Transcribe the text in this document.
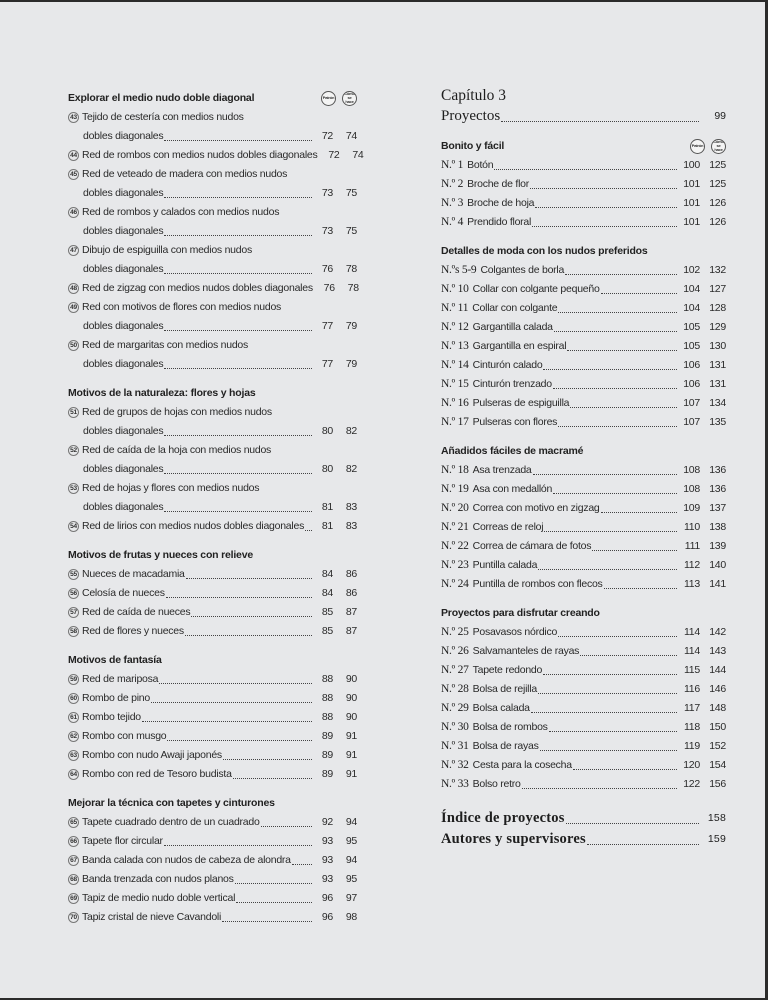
Explorar el medio nudo doble diagonal	Patrón
Cómo se hace
43 Tejido de cestería con medios nudos
dobles diagonales	72	74
44 Red de rombos con medios nudos dobles diagonales	72	74
45 Red de veteado de madera con medios nudos
dobles diagonales	73	75
46 Red de rombos y calados con medios nudos
dobles diagonales	73	75
47 Dibujo de espiguilla con medios nudos
dobles diagonales	76	78
48 Red de zigzag con medios nudos dobles diagonales	76	78
49 Red con motivos de flores con medios nudos
dobles diagonales	77	79
50 Red de margaritas con medios nudos
dobles diagonales	77	79
Motivos de la naturaleza: flores y hojas
51 Red de grupos de hojas con medios nudos
dobles diagonales	80	82
52 Red de caída de la hoja con medios nudos
dobles diagonales	80	82
53 Red de hojas y flores con medios nudos
dobles diagonales	81	83
54 Red de lirios con medios nudos dobles diagonales	81	83
Motivos de frutas y nueces con relieve
55 Nueces de macadamia	84	86
56 Celosía de nueces	84	86
57 Red de caída de nueces	85	87
58 Red de flores y nueces	85	87
Motivos de fantasía
59 Red de mariposa	88	90
60 Rombo de pino	88	90
61 Rombo tejido	88	90
62 Rombo con musgo	89	91
63 Rombo con nudo Awaji japonés	89	91
64 Rombo con red de Tesoro budista	89	91
Mejorar la técnica con tapetes y cinturones
65 Tapete cuadrado dentro de un cuadrado	92	94
66 Tapete flor circular	93	95
67 Banda calada con nudos de cabeza de alondra	93	94
68 Banda trenzada con nudos planos	93	95
69 Tapiz de medio nudo doble vertical	96	97
70 Tapiz cristal de nieve Cavandoli	96	98
Capítulo 3
Proyectos	99
Bonito y fácil	Patrón
Cómo se hace
N.º 1 Botón	100 125
N.º 2 Broche de flor	101 125
N.º 3 Broche de hoja	101 126
N.º 4 Prendido floral	101 126
Detalles de moda con los nudos preferidos
N.ºs 5-9 Colgantes de borla	102 132
N.º 10 Collar con colgante pequeño	104 127
N.º 11 Collar con colgante	104 128
N.º 12 Gargantilla calada	105 129
N.º 13 Gargantilla en espiral	105 130
N.º 14 Cinturón calado	106 131
N.º 15 Cinturón trenzado	106 131
N.º 16 Pulseras de espiguilla	107 134
N.º 17 Pulseras con flores	107 135
Añadidos fáciles de macramé
N.º 18 Asa trenzada	108 136
N.º 19 Asa con medallón	108 136
N.º 20 Correa con motivo en zigzag	109 137
N.º 21 Correas de reloj	110 138
N.º 22 Correa de cámara de fotos	111 139
N.º 23 Puntilla calada	112 140
N.º 24 Puntilla de rombos con flecos	113 141
Proyectos para disfrutar creando
N.º 25 Posavasos nórdico	114 142
N.º 26 Salvamanteles de rayas	114 143
N.º 27 Tapete redondo	115 144
N.º 28 Bolsa de rejilla	116 146
N.º 29 Bolsa calada	117 148
N.º 30 Bolsa de rombos	118 150
N.º 31 Bolsa de rayas	119 152
N.º 32 Cesta para la cosecha	120 154
N.º 33 Bolso retro	122 156
Índice de proyectos	158
Autores y supervisores	159
